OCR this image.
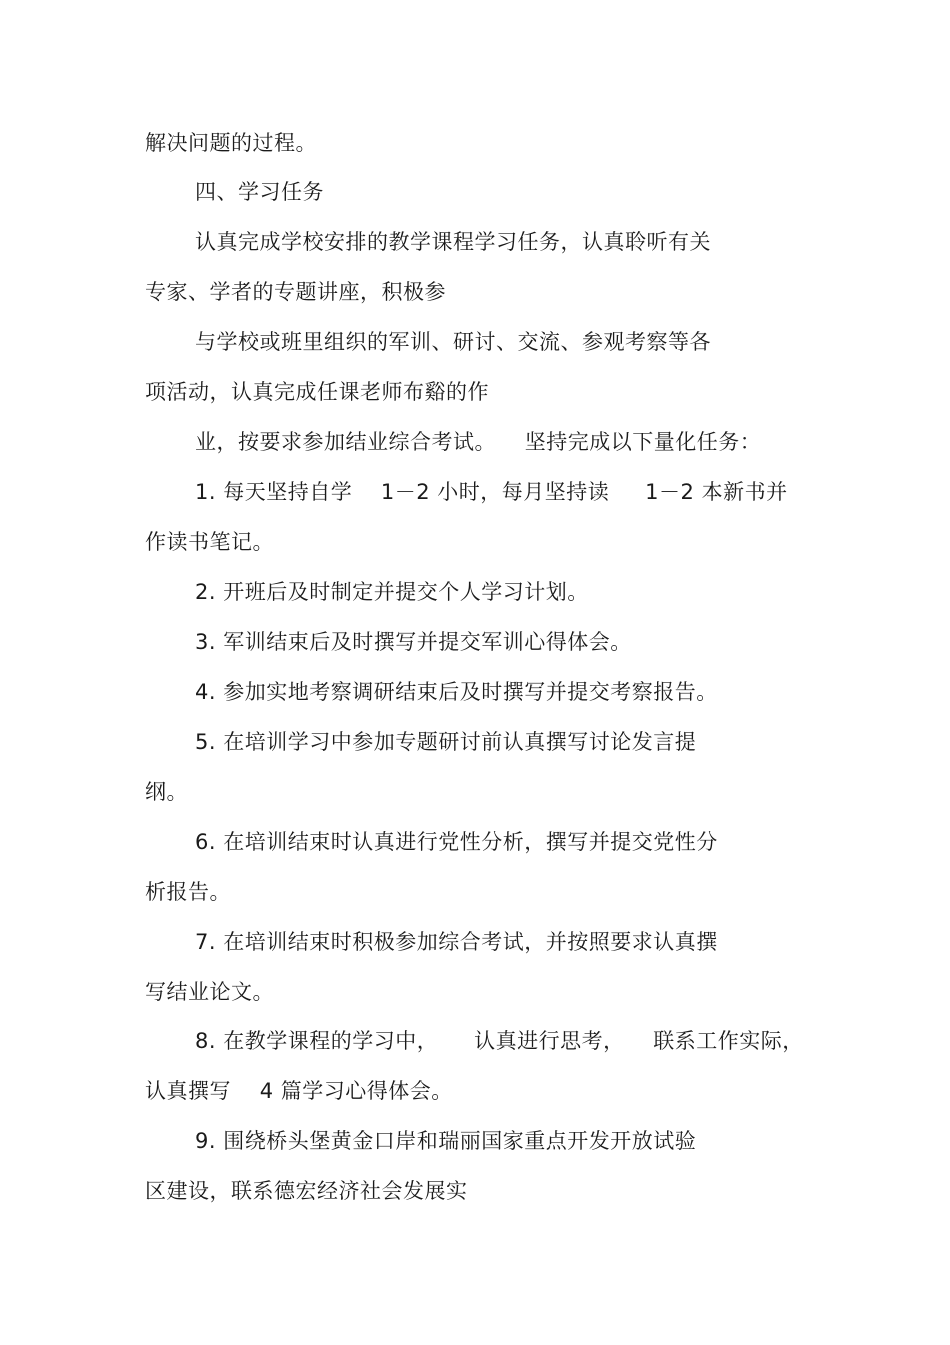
解决问题的过程。
四、学习任务
认真完成学校安排的教学课程学习任务，认真聆听有关
专家、学者的专题讲座，积极参
与学校或班里组织的军训、研讨、交流、参观考察等各
项活动，认真完成任课老师布谿的作
业，按要求参加结业综合考试。    坚持完成以下量化任务：
1. 每天坚持自学    1－2 小时，每月坚持读     1－2 本新书并
作读书笔记。
2. 开班后及时制定并提交个人学习计划。
3. 军训结束后及时撰写并提交军训心得体会。
4. 参加实地考察调研结束后及时撰写并提交考察报告。
5. 在培训学习中参加专题研讨前认真撰写讨论发言提
纲。
6. 在培训结束时认真进行党性分析，撰写并提交党性分
析报告。
7. 在培训结束时积极参加综合考试，并按照要求认真撰
写结业论文。
8. 在教学课程的学习中，     认真进行思考，    联系工作实际，
认真撰写    4 篇学习心得体会。
9. 围绕桥头堡黄金口岸和瑞丽国家重点开发开放试验
区建设，联系德宏经济社会发展实
